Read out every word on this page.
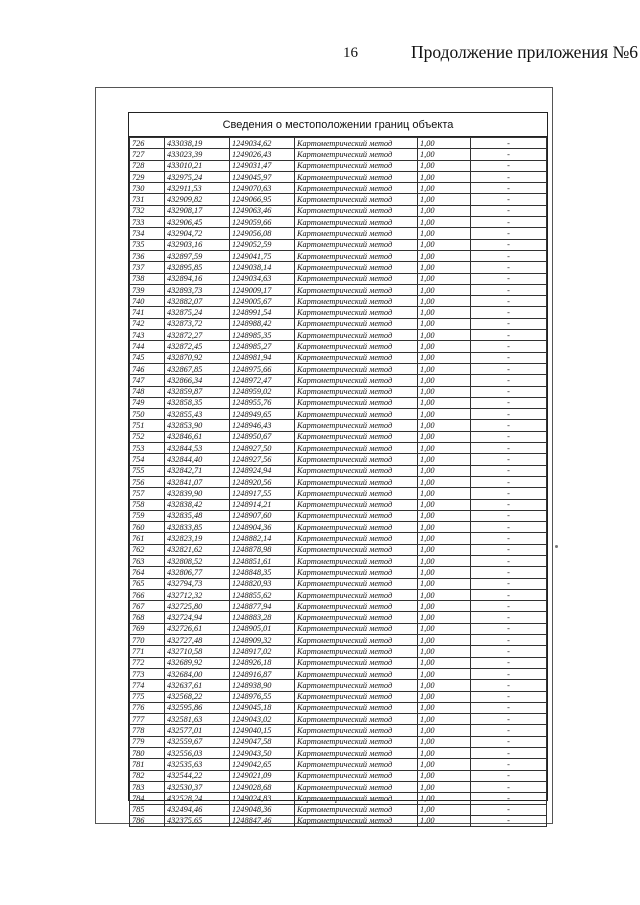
16	Продолжение приложения №6
Сведения о местоположении границ объекта
726	433038,19	1249034,62	Картометрический метод	1,00	-
727	433023,39	1249026,43	Картометрический метод	1,00	-
728	433010,21	1249031,47	Картометрический метод	1,00	-
729	432975,24	1249045,97	Картометрический метод	1,00	-
730	432911,53	1249070,63	Картометрический метод	1,00	-
731	432909,82	1249066,95	Картометрический метод	1,00	-
732	432908,17	1249063,46	Картометрический метод	1,00	-
733	432906,45	1249059,66	Картометрический метод	1,00	-
734	432904,72	1249056,08	Картометрический метод	1,00	-
735	432903,16	1249052,59	Картометрический метод	1,00	-
736	432897,59	1249041,75	Картометрический метод	1,00	-
737	432895,85	1249038,14	Картометрический метод	1,00	-
738	432894,16	1249034,63	Картометрический метод	1,00	-
739	432893,73	1249009,17	Картометрический метод	1,00	-
740	432882,07	1249005,67	Картометрический метод	1,00	-
741	432875,24	1248991,54	Картометрический метод	1,00	-
742	432873,72	1248988,42	Картометрический метод	1,00	-
743	432872,27	1248985,35	Картометрический метод	1,00	-
744	432872,45	1248985,27	Картометрический метод	1,00	-
745	432870,92	1248981,94	Картометрический метод	1,00	-
746	432867,85	1248975,66	Картометрический метод	1,00	-
747	432866,34	1248972,47	Картометрический метод	1,00	-
748	432859,87	1248959,02	Картометрический метод	1,00	-
749	432858,35	1248955,76	Картометрический метод	1,00	-
750	432855,43	1248949,65	Картометрический метод	1,00	-
751	432853,90	1248946,43	Картометрический метод	1,00	-
752	432846,61	1248950,67	Картометрический метод	1,00	-
753	432844,53	1248927,50	Картометрический метод	1,00	-
754	432844,40	1248927,56	Картометрический метод	1,00	-
755	432842,71	1248924,94	Картометрический метод	1,00	-
756	432841,07	1248920,56	Картометрический метод	1,00	-
757	432839,90	1248917,55	Картометрический метод	1,00	-
758	432838,42	1248914,21	Картометрический метод	1,00	-
759	432835,48	1248907,60	Картометрический метод	1,00	-
760	432833,85	1248904,36	Картометрический метод	1,00	-
761	432823,19	1248882,14	Картометрический метод	1,00	-
762	432821,62	1248878,98	Картометрический метод	1,00	-
763	432808,52	1248851,61	Картометрический метод	1,00	-
764	432806,77	1248848,35	Картометрический метод	1,00	-
765	432794,73	1248820,93	Картометрический метод	1,00	-
766	432712,32	1248855,62	Картометрический метод	1,00	-
767	432725,80	1248877,94	Картометрический метод	1,00	-
768	432724,94	1248883,28	Картометрический метод	1,00	-
769	432726,61	1248905,01	Картометрический метод	1,00	-
770	432727,48	1248909,32	Картометрический метод	1,00	-
771	432710,58	1248917,02	Картометрический метод	1,00	-
772	432689,92	1248926,18	Картометрический метод	1,00	-
773	432684,00	1248916,87	Картометрический метод	1,00	-
774	432637,61	1248938,90	Картометрический метод	1,00	-
775	432568,22	1248976,55	Картометрический метод	1,00	-
776	432595,86	1249045,18	Картометрический метод	1,00	-
777	432581,63	1249043,02	Картометрический метод	1,00	-
778	432577,01	1249040,15	Картометрический метод	1,00	-
779	432559,67	1249047,58	Картометрический метод	1,00	-
780	432556,03	1249043,50	Картометрический метод	1,00	-
781	432535,63	1249042,65	Картометрический метод	1,00	-
782	432544,22	1249021,09	Картометрический метод	1,00	-
783	432530,37	1249028,68	Картометрический метод	1,00	-
784	432528,24	1249024,83	Картометрический метод	1,00	-
785	432494,46	1249048,36	Картометрический метод	1,00	-
786	432375,65	1248847,46	Картометрический метод	1,00	-
